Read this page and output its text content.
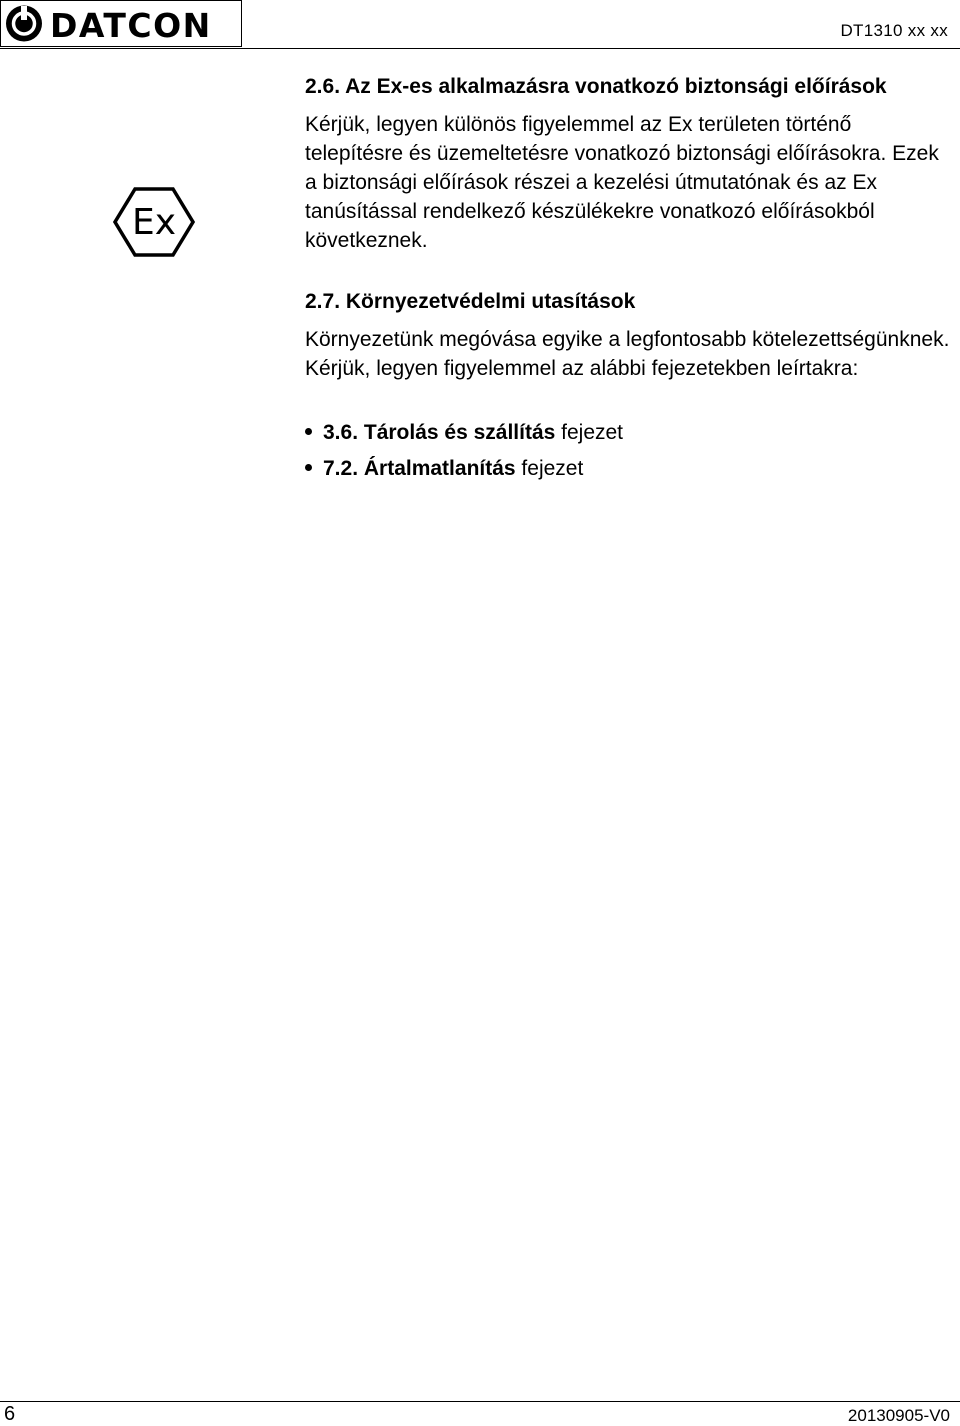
DATCON	DT1310 xx xx
Ex

2.6. Az Ex-es alkalmazásra vonatkozó biztonsági előírások

Kérjük, legyen különös figyelemmel az Ex területen történő telepítésre és üzemeltetésre vonatkozó biztonsági előírásokra. Ezek a biztonsági előírások részei a kezelési útmutatónak és az Ex tanúsítással rendelkező készülékekre vonatkozó előírásokból következnek.

2.7. Környezetvédelmi utasítások

Környezetünk megóvása egyike a legfontosabb kötelezettségünknek.

Kérjük, legyen figyelemmel az alábbi fejezetekben leírtakra:

3.6. Tárolás és szállítás fejezet
7.2. Ártalmatlanítás fejezet
6	20130905-V0
